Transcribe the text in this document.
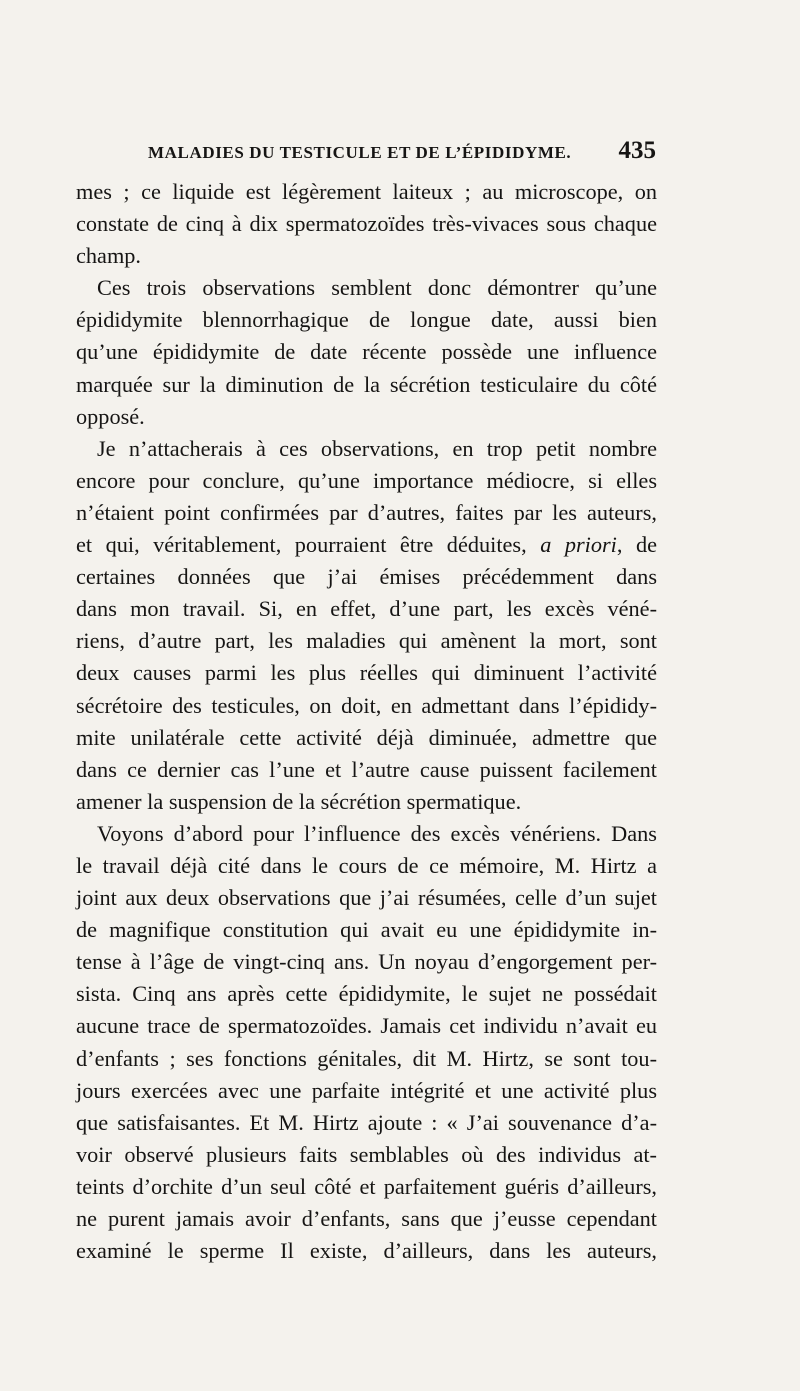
MALADIES DU TESTICULE ET DE L’ÉPIDIDYME. 435
mes ; ce liquide est légèrement laiteux ; au microscope, on
constate de cinq à dix spermatozoïdes très-vivaces sous chaque
champ.
Ces trois observations semblent donc démontrer qu’une
épididymite blennorrhagique de longue date, aussi bien
qu’une épididymite de date récente possède une influence
marquée sur la diminution de la sécrétion testiculaire du côté
opposé.
Je n’attacherais à ces observations, en trop petit nombre
encore pour conclure, qu’une importance médiocre, si elles
n’étaient point confirmées par d’autres, faites par les auteurs,
et qui, véritablement, pourraient être déduites, a priori, de
certaines données que j’ai émises précédemment dans
dans mon travail. Si, en effet, d’une part, les excès véné-
riens, d’autre part, les maladies qui amènent la mort, sont
deux causes parmi les plus réelles qui diminuent l’activité
sécrétoire des testicules, on doit, en admettant dans l’épididy-
mite unilatérale cette activité déjà diminuée, admettre que
dans ce dernier cas l’une et l’autre cause puissent facilement
amener la suspension de la sécrétion spermatique.
Voyons d’abord pour l’influence des excès vénériens. Dans
le travail déjà cité dans le cours de ce mémoire, M. Hirtz a
joint aux deux observations que j’ai résumées, celle d’un sujet
de magnifique constitution qui avait eu une épididymite in-
tense à l’âge de vingt-cinq ans. Un noyau d’engorgement per-
sista. Cinq ans après cette épididymite, le sujet ne possédait
aucune trace de spermatozoïdes. Jamais cet individu n’avait eu
d’enfants ; ses fonctions génitales, dit M. Hirtz, se sont tou-
jours exercées avec une parfaite intégrité et une activité plus
que satisfaisantes. Et M. Hirtz ajoute : « J’ai souvenance d’a-
voir observé plusieurs faits semblables où des individus at-
teints d’orchite d’un seul côté et parfaitement guéris d’ailleurs,
ne purent jamais avoir d’enfants, sans que j’eusse cependant
examiné le sperme Il existe, d’ailleurs, dans les auteurs,
